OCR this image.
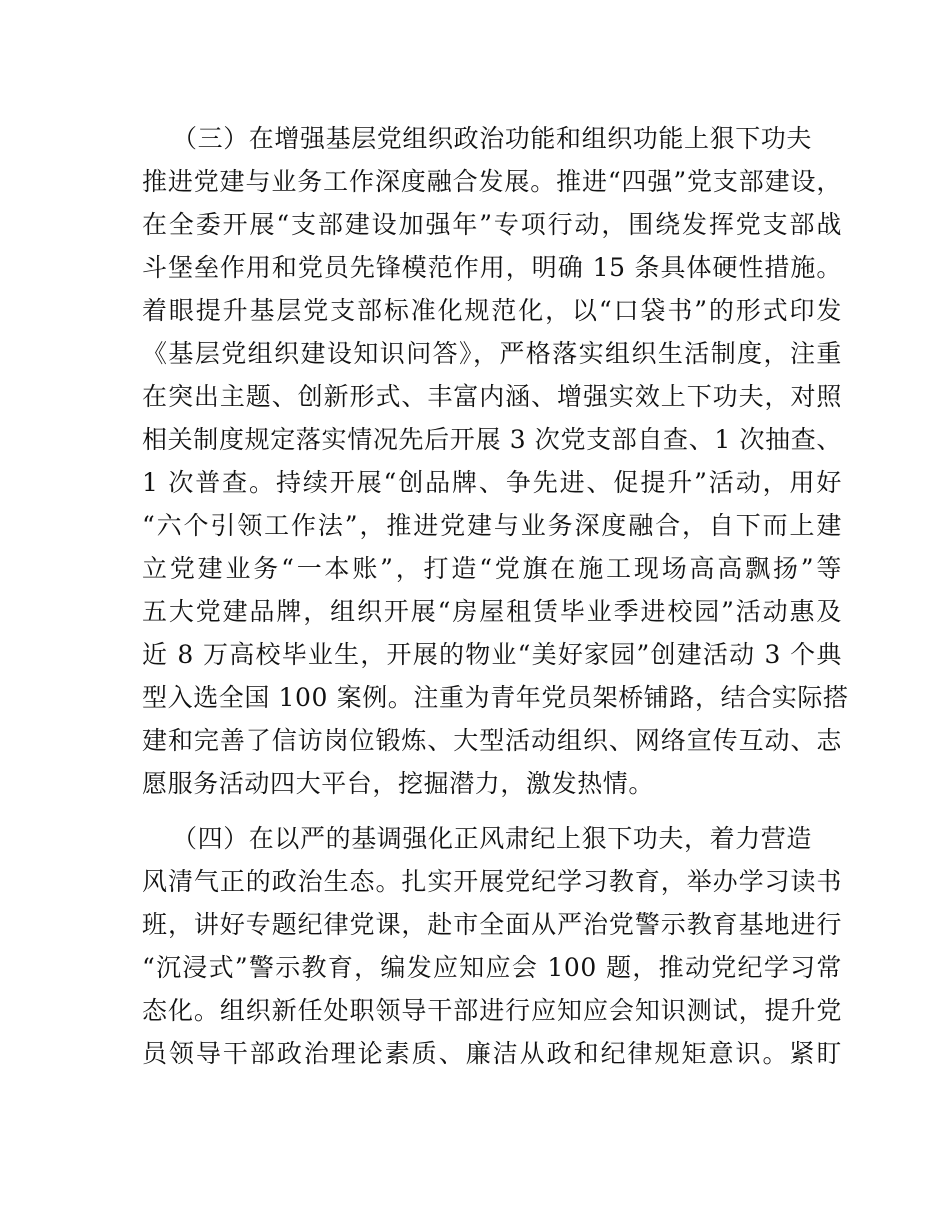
（三）在增强基层党组织政治功能和组织功能上狠下功夫
推进党建与业务工作深度融合发展。推进“四强”党支部建设，
在全委开展“支部建设加强年”专项行动，围绕发挥党支部战
斗堡垒作用和党员先锋模范作用，明确 15 条具体硬性措施。
着眼提升基层党支部标准化规范化，以“口袋书”的形式印发
《基层党组织建设知识问答》，严格落实组织生活制度，注重
在突出主题、创新形式、丰富内涵、增强实效上下功夫，对照
相关制度规定落实情况先后开展 3 次党支部自查、1 次抽查、
1 次普查。持续开展“创品牌、争先进、促提升”活动，用好
“六个引领工作法”，推进党建与业务深度融合，自下而上建
立党建业务“一本账”，打造“党旗在施工现场高高飘扬”等
五大党建品牌，组织开展“房屋租赁毕业季进校园”活动惠及
近 8 万高校毕业生，开展的物业“美好家园”创建活动 3 个典
型入选全国 100 案例。注重为青年党员架桥铺路，结合实际搭
建和完善了信访岗位锻炼、大型活动组织、网络宣传互动、志
愿服务活动四大平台，挖掘潜力，激发热情。
（四）在以严的基调强化正风肃纪上狠下功夫，着力营造
风清气正的政治生态。扎实开展党纪学习教育，举办学习读书
班，讲好专题纪律党课，赴市全面从严治党警示教育基地进行
“沉浸式”警示教育，编发应知应会 100 题，推动党纪学习常
态化。组织新任处职领导干部进行应知应会知识测试，提升党
员领导干部政治理论素质、廉洁从政和纪律规矩意识。紧盯
